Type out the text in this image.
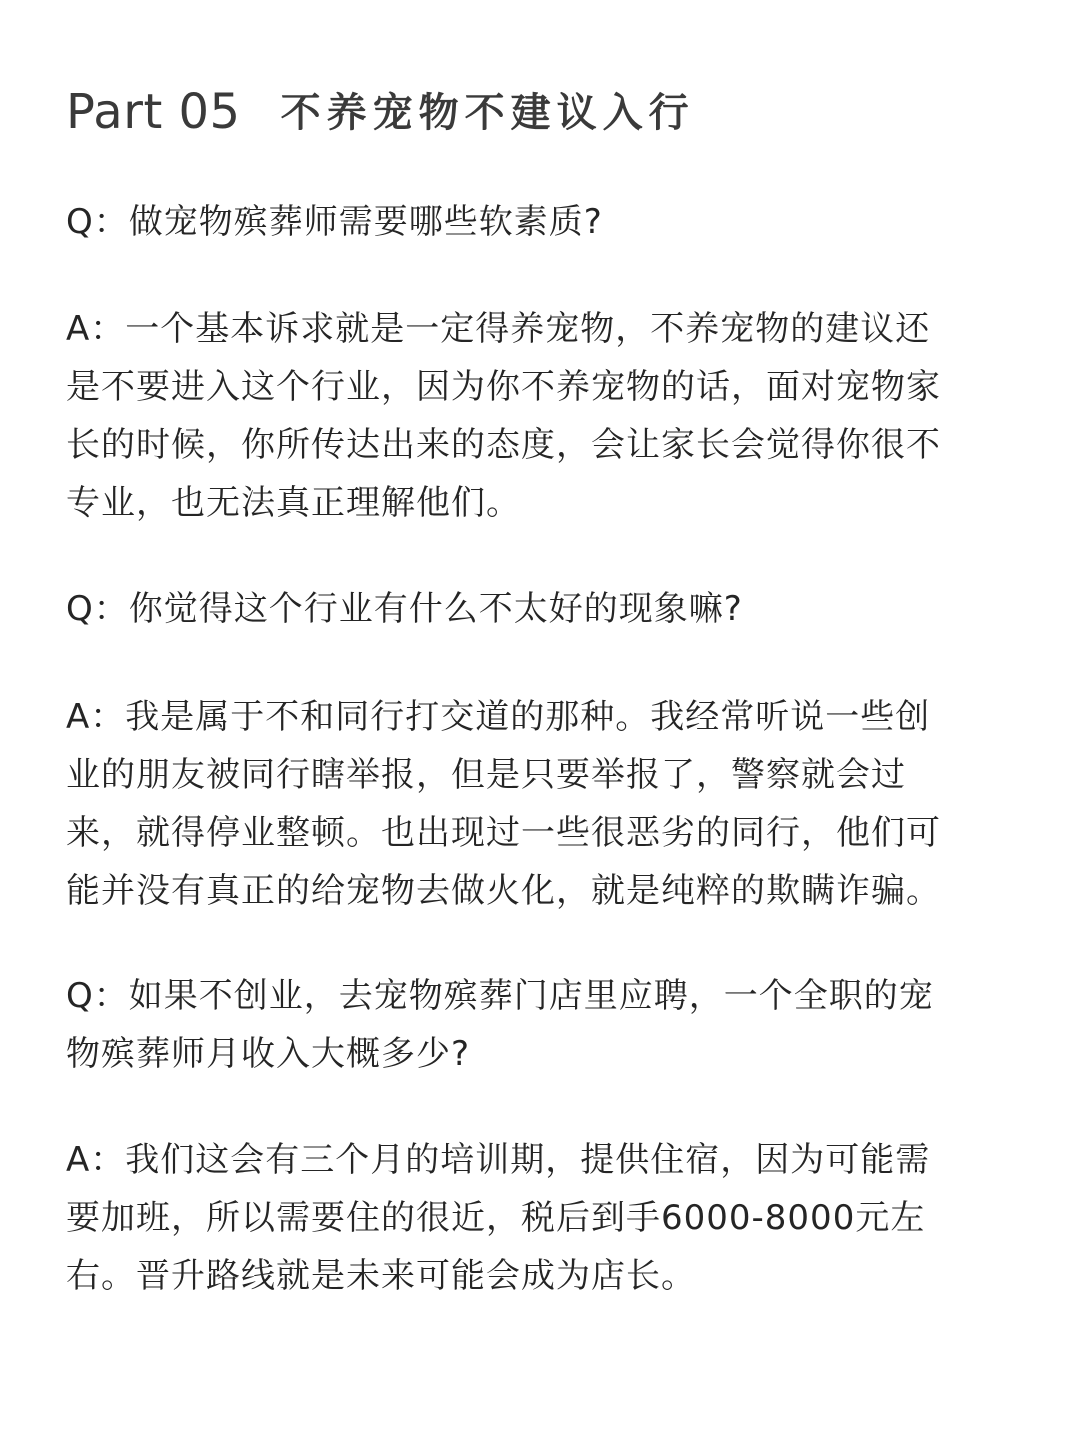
Part 05 不养宠物不建议入行

Q：做宠物殡葬师需要哪些软素质?

A：一个基本诉求就是一定得养宠物，不养宠物的建议还
是不要进入这个行业，因为你不养宠物的话，面对宠物家
长的时候，你所传达出来的态度，会让家长会觉得你很不
专业，也无法真正理解他们。

Q：你觉得这个行业有什么不太好的现象嘛?

A：我是属于不和同行打交道的那种。我经常听说一些创
业的朋友被同行瞎举报，但是只要举报了，警察就会过
来，就得停业整顿。也出现过一些很恶劣的同行，他们可
能并没有真正的给宠物去做火化，就是纯粹的欺瞒诈骗。

Q：如果不创业，去宠物殡葬门店里应聘，一个全职的宠
物殡葬师月收入大概多少?

A：我们这会有三个月的培训期，提供住宿，因为可能需
要加班，所以需要住的很近，税后到手6000-8000元左
右。晋升路线就是未来可能会成为店长。
